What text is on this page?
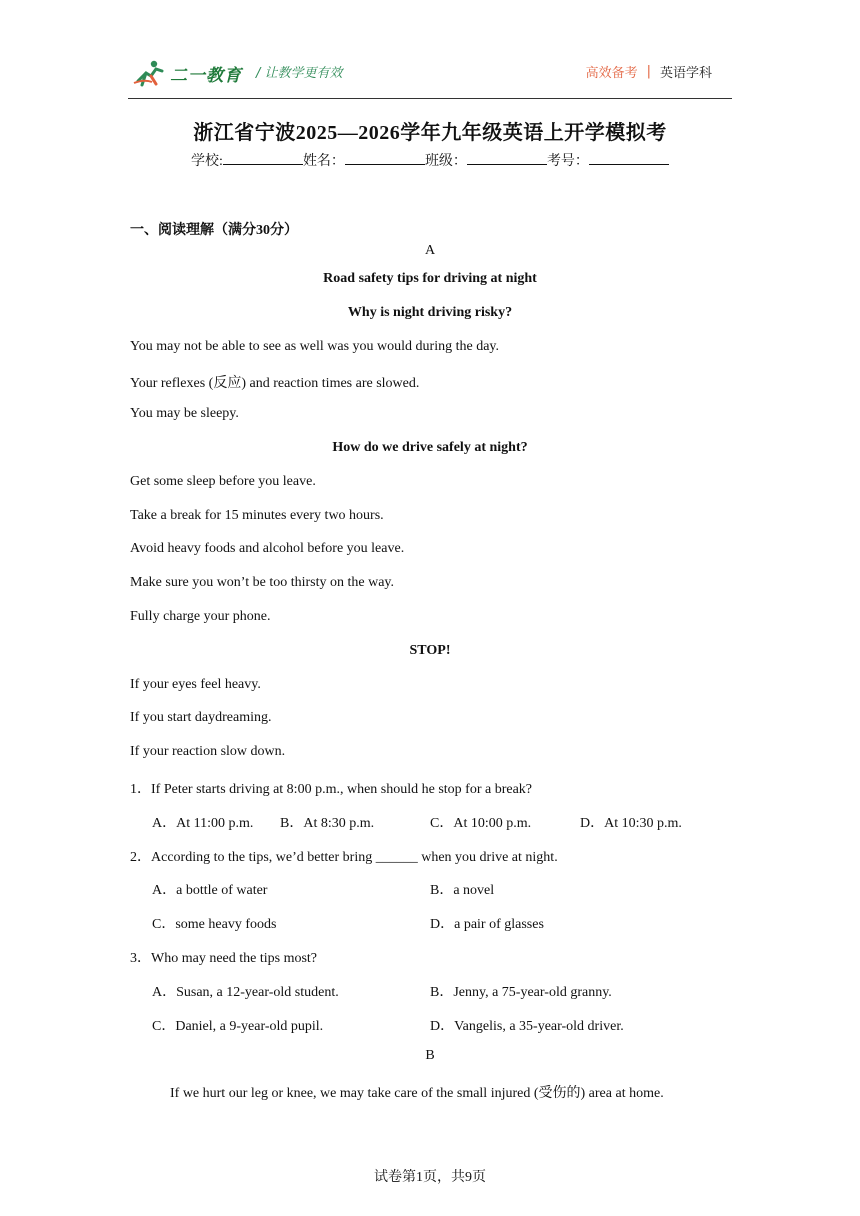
二一教育 / 让教学更有效	高效备考 | 英语学科
浙江省宁波2025—2026学年九年级英语上开学模拟考
学校:	姓名：	班级：	考号：
一、阅读理解（满分30分）
A
Road safety tips for driving at night
Why is night driving risky?
You may not be able to see as well was you would during the day.
Your reflexes (反应) and reaction times are slowed.
You may be sleepy.
How do we drive safely at night?
Get some sleep before you leave.
Take a break for 15 minutes every two hours.
Avoid heavy foods and alcohol before you leave.
Make sure you won’t be too thirsty on the way.
Fully charge your phone.
STOP!
If your eyes feel heavy.
If you start daydreaming.
If your reaction slow down.
1．If Peter starts driving at 8:00 p.m., when should he stop for a break?
A．At 11:00 p.m. B．At 8:30 p.m.	C．At 10:00 p.m.	D．At 10:30 p.m.
2．According to the tips, we’d better bring ______ when you drive at night.
A．a bottle of water	B．a novel
C．some heavy foods	D．a pair of glasses
3．Who may need the tips most?
A．Susan, a 12-year-old student.	B．Jenny, a 75-year-old granny.
C．Daniel, a 9-year-old pupil.	D．Vangelis, a 35-year-old driver.
B
If we hurt our leg or knee, we may take care of the small injured (受伤的) area at home.
试卷第1页，共9页
